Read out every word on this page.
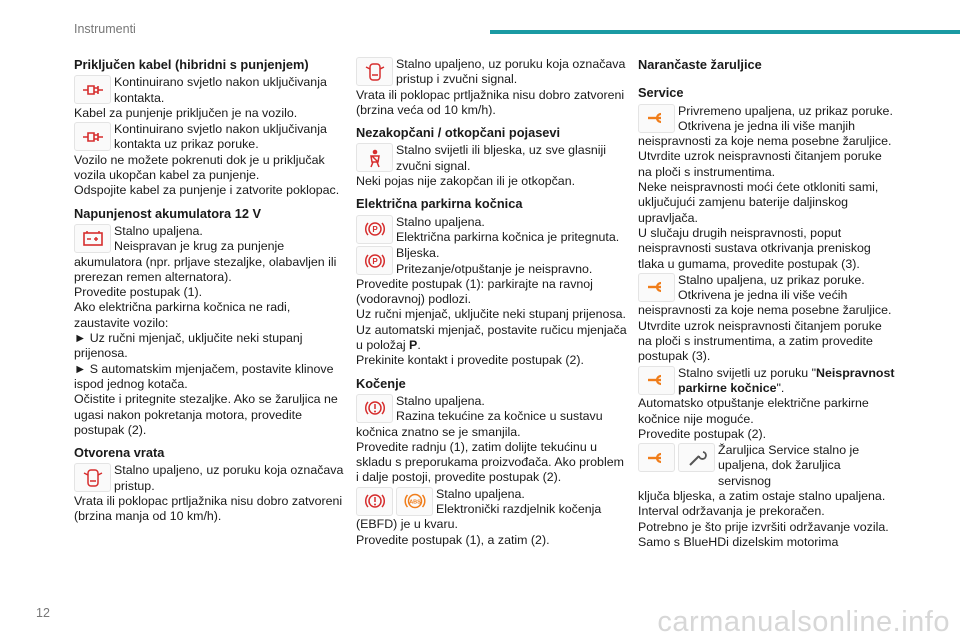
Instrumenti
Priključen kabel (hibridni s punjenjem)
Kontinuirano svjetlo nakon uključivanja kontakta.

Kabel za punjenje priključen je na vozilo.

Kontinuirano svjetlo nakon uključivanja kontakta uz prikaz poruke.

Vozilo ne možete pokrenuti dok je u priključak vozila ukopčan kabel za punjenje.

Odspojite kabel za punjenje i zatvorite poklopac.

Napunjenost akumulatora 12 V
Stalno upaljena.
Neispravan je krug za punjenje

akumulatora (npr. prljave stezaljke, olabavljen ili prerezan remen alternatora).

Provedite postupak (1).

Ako električna parkirna kočnica ne radi, zaustavite vozilo:

► Uz ručni mjenjač, uključite neki stupanj prijenosa.

► S automatskim mjenjačem, postavite klinove ispod jednog kotača.

Očistite i pritegnite stezaljke. Ako se žaruljica ne ugasi nakon pokretanja motora, provedite postupak (2).

Otvorena vrata
Stalno upaljeno, uz poruku koja označava pristup.

Vrata ili poklopac prtljažnika nisu dobro zatvoreni (brzina manja od 10 km/h).

Stalno upaljeno, uz poruku koja označava pristup i zvučni signal.

Vrata ili poklopac prtljažnika nisu dobro zatvoreni (brzina veća od 10 km/h).

Nezakopčani / otkopčani pojasevi
Stalno svijetli ili bljeska, uz sve glasniji zvučni signal.

Neki pojas nije zakopčan ili je otkopčan.

Električna parkirna kočnica
P
Stalno upaljena.
Električna parkirna kočnica je pritegnuta.
P
Bljeska.
Pritezanje/otpuštanje je neispravno.

Provedite postupak (1): parkirajte na ravnoj (vodoravnoj) podlozi.

Uz ručni mjenjač, uključite neki stupanj prijenosa.

Uz automatski mjenjač, postavite ručicu mjenjača u položaj P.

Prekinite kontakt i provedite postupak (2).

Kočenje
Stalno upaljena.
Razina tekućine za kočnice u sustavu

kočnica znatno se je smanjila.

Provedite radnju (1), zatim dolijte tekućinu u skladu s preporukama proizvođača. Ako problem i dalje postoji, provedite postupak (2).

ABS
Stalno upaljena.
Elektronički razdjelnik kočenja

(EBFD) je u kvaru.

Provedite postupak (1), a zatim (2).

Narančaste žaruljice
Service
Privremeno upaljena, uz prikaz poruke.
Otkrivena je jedna ili više manjih

neispravnosti za koje nema posebne žaruljice.

Utvrdite uzrok neispravnosti čitanjem poruke na ploči s instrumentima.

Neke neispravnosti moći ćete otkloniti sami, uključujući zamjenu baterije daljinskog upravljača.

U slučaju drugih neispravnosti, poput neispravnosti sustava otkrivanja preniskog tlaka u gumama, provedite postupak (3).

Stalno upaljena, uz prikaz poruke.
Otkrivena je jedna ili više većih

neispravnosti za koje nema posebne žaruljice.

Utvrdite uzrok neispravnosti čitanjem poruke na ploči s instrumentima, a zatim provedite postupak (3).

Stalno svijetli uz poruku "Neispravnost parkirne kočnice".

Automatsko otpuštanje električne parkirne kočnice nije moguće.

Provedite postupak (2).

Žaruljica Service stalno je
upaljena, dok žaruljica servisnog

ključa bljeska, a zatim ostaje stalno upaljena.

Interval održavanja je prekoračen.

Potrebno je što prije izvršiti održavanje vozila.

Samo s BlueHDi dizelskim motorima

12	carmanualsonline.info
